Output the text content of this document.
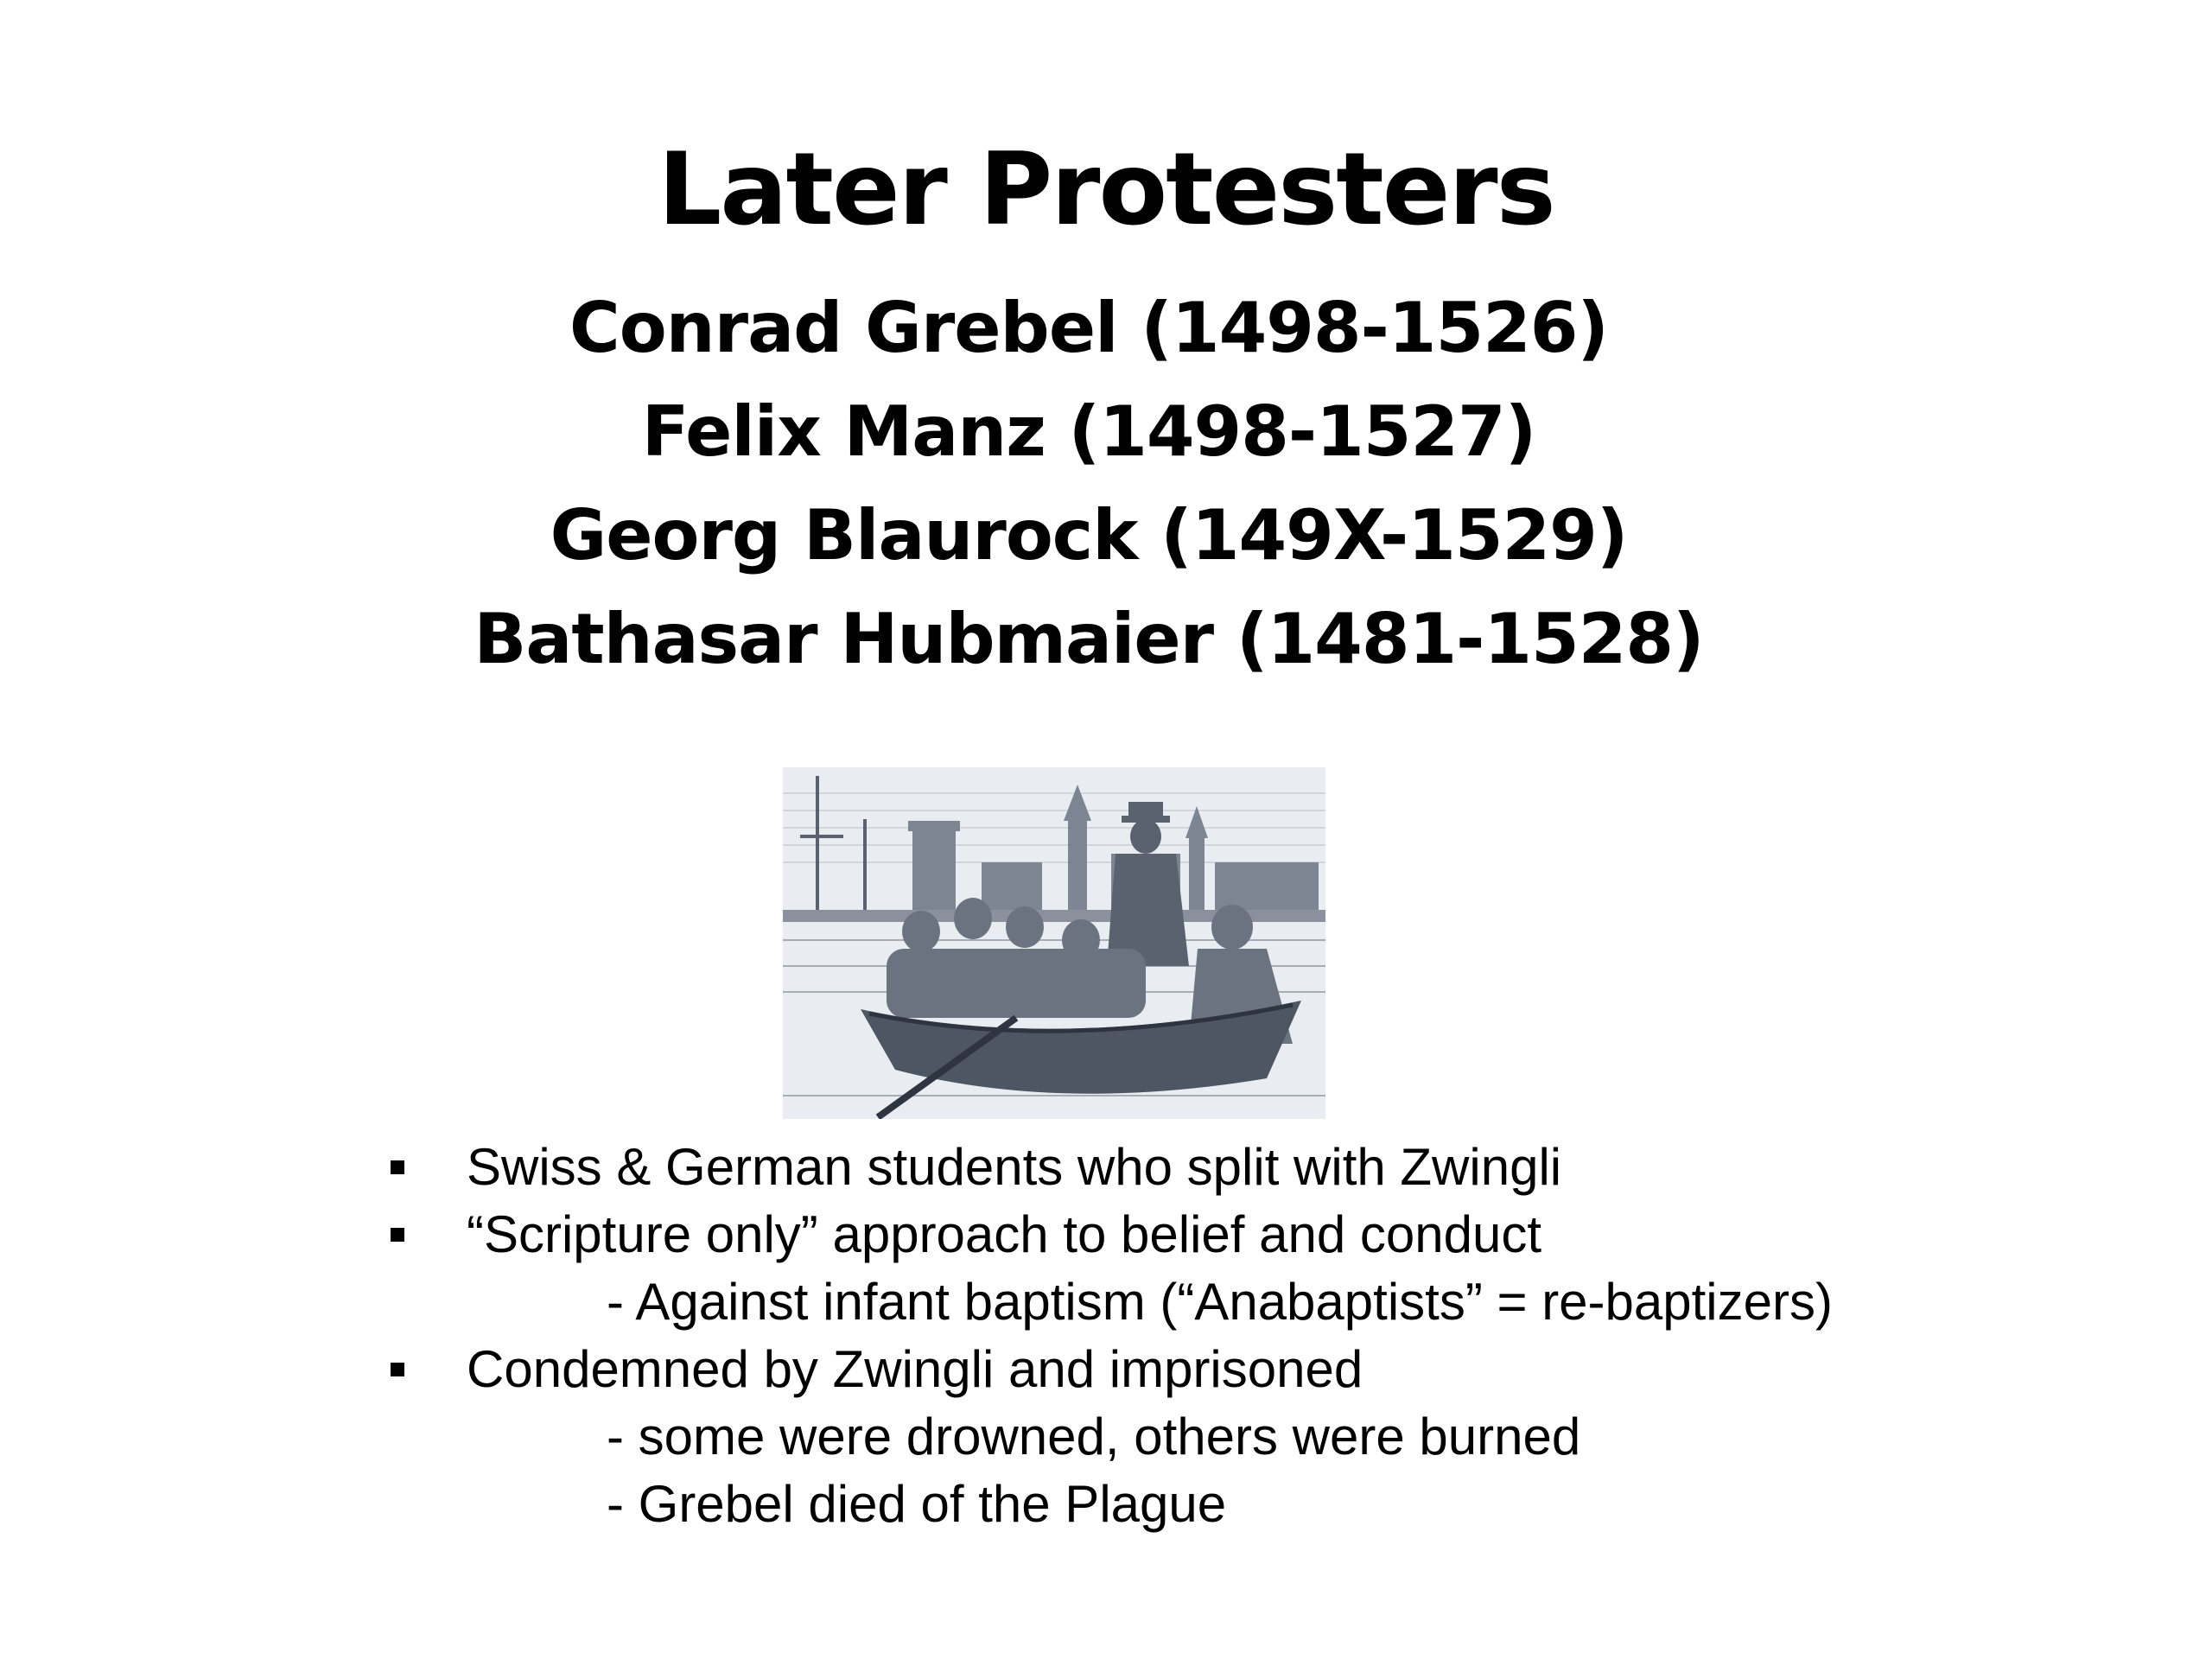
Later Protesters
Conrad Grebel (1498-1526)
Felix Manz (1498-1527)
Georg Blaurock (149X-1529)
Bathasar Hubmaier (1481-1528)
Swiss & German students who split with Zwingli
“Scripture only” approach to belief and conduct
- Against infant baptism (“Anabaptists” = re-baptizers)
Condemned by Zwingli and imprisoned
- some were drowned, others were burned
- Grebel died of the Plague
